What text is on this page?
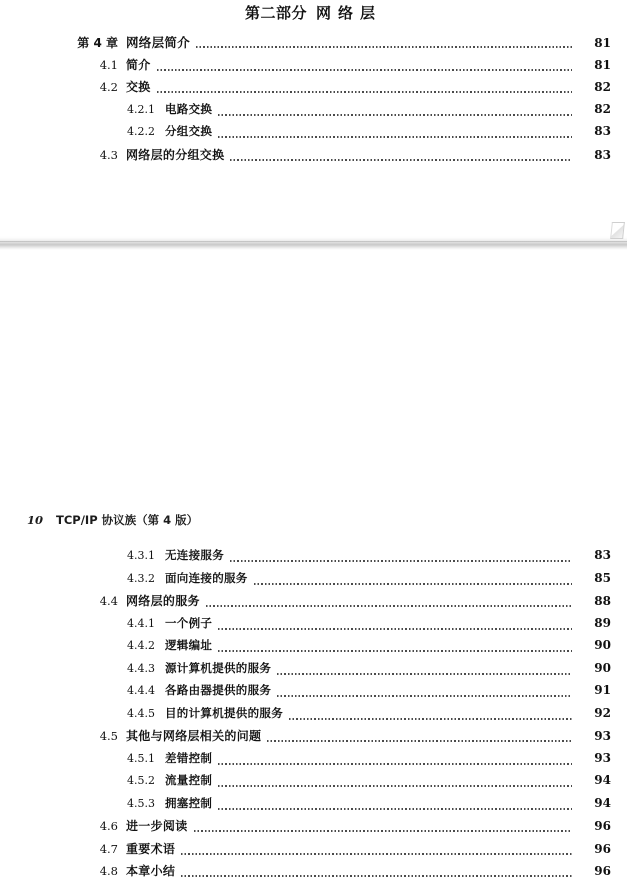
第二部分 网络层
第 4 章 网络层简介	81
4.1 简介	81
4.2 交换	82
4.2.1 电路交换	82
4.2.2 分组交换	83
4.3 网络层的分组交换	83
10 TCP/IP 协议族（第 4 版）
4.3.1 无连接服务	83
4.3.2 面向连接的服务	85
4.4 网络层的服务	88
4.4.1 一个例子	89
4.4.2 逻辑编址	90
4.4.3 源计算机提供的服务	90
4.4.4 各路由器提供的服务	91
4.4.5 目的计算机提供的服务	92
4.5 其他与网络层相关的问题	93
4.5.1 差错控制	93
4.5.2 流量控制	94
4.5.3 拥塞控制	94
4.6 进一步阅读	96
4.7 重要术语	96
4.8 本章小结	96
